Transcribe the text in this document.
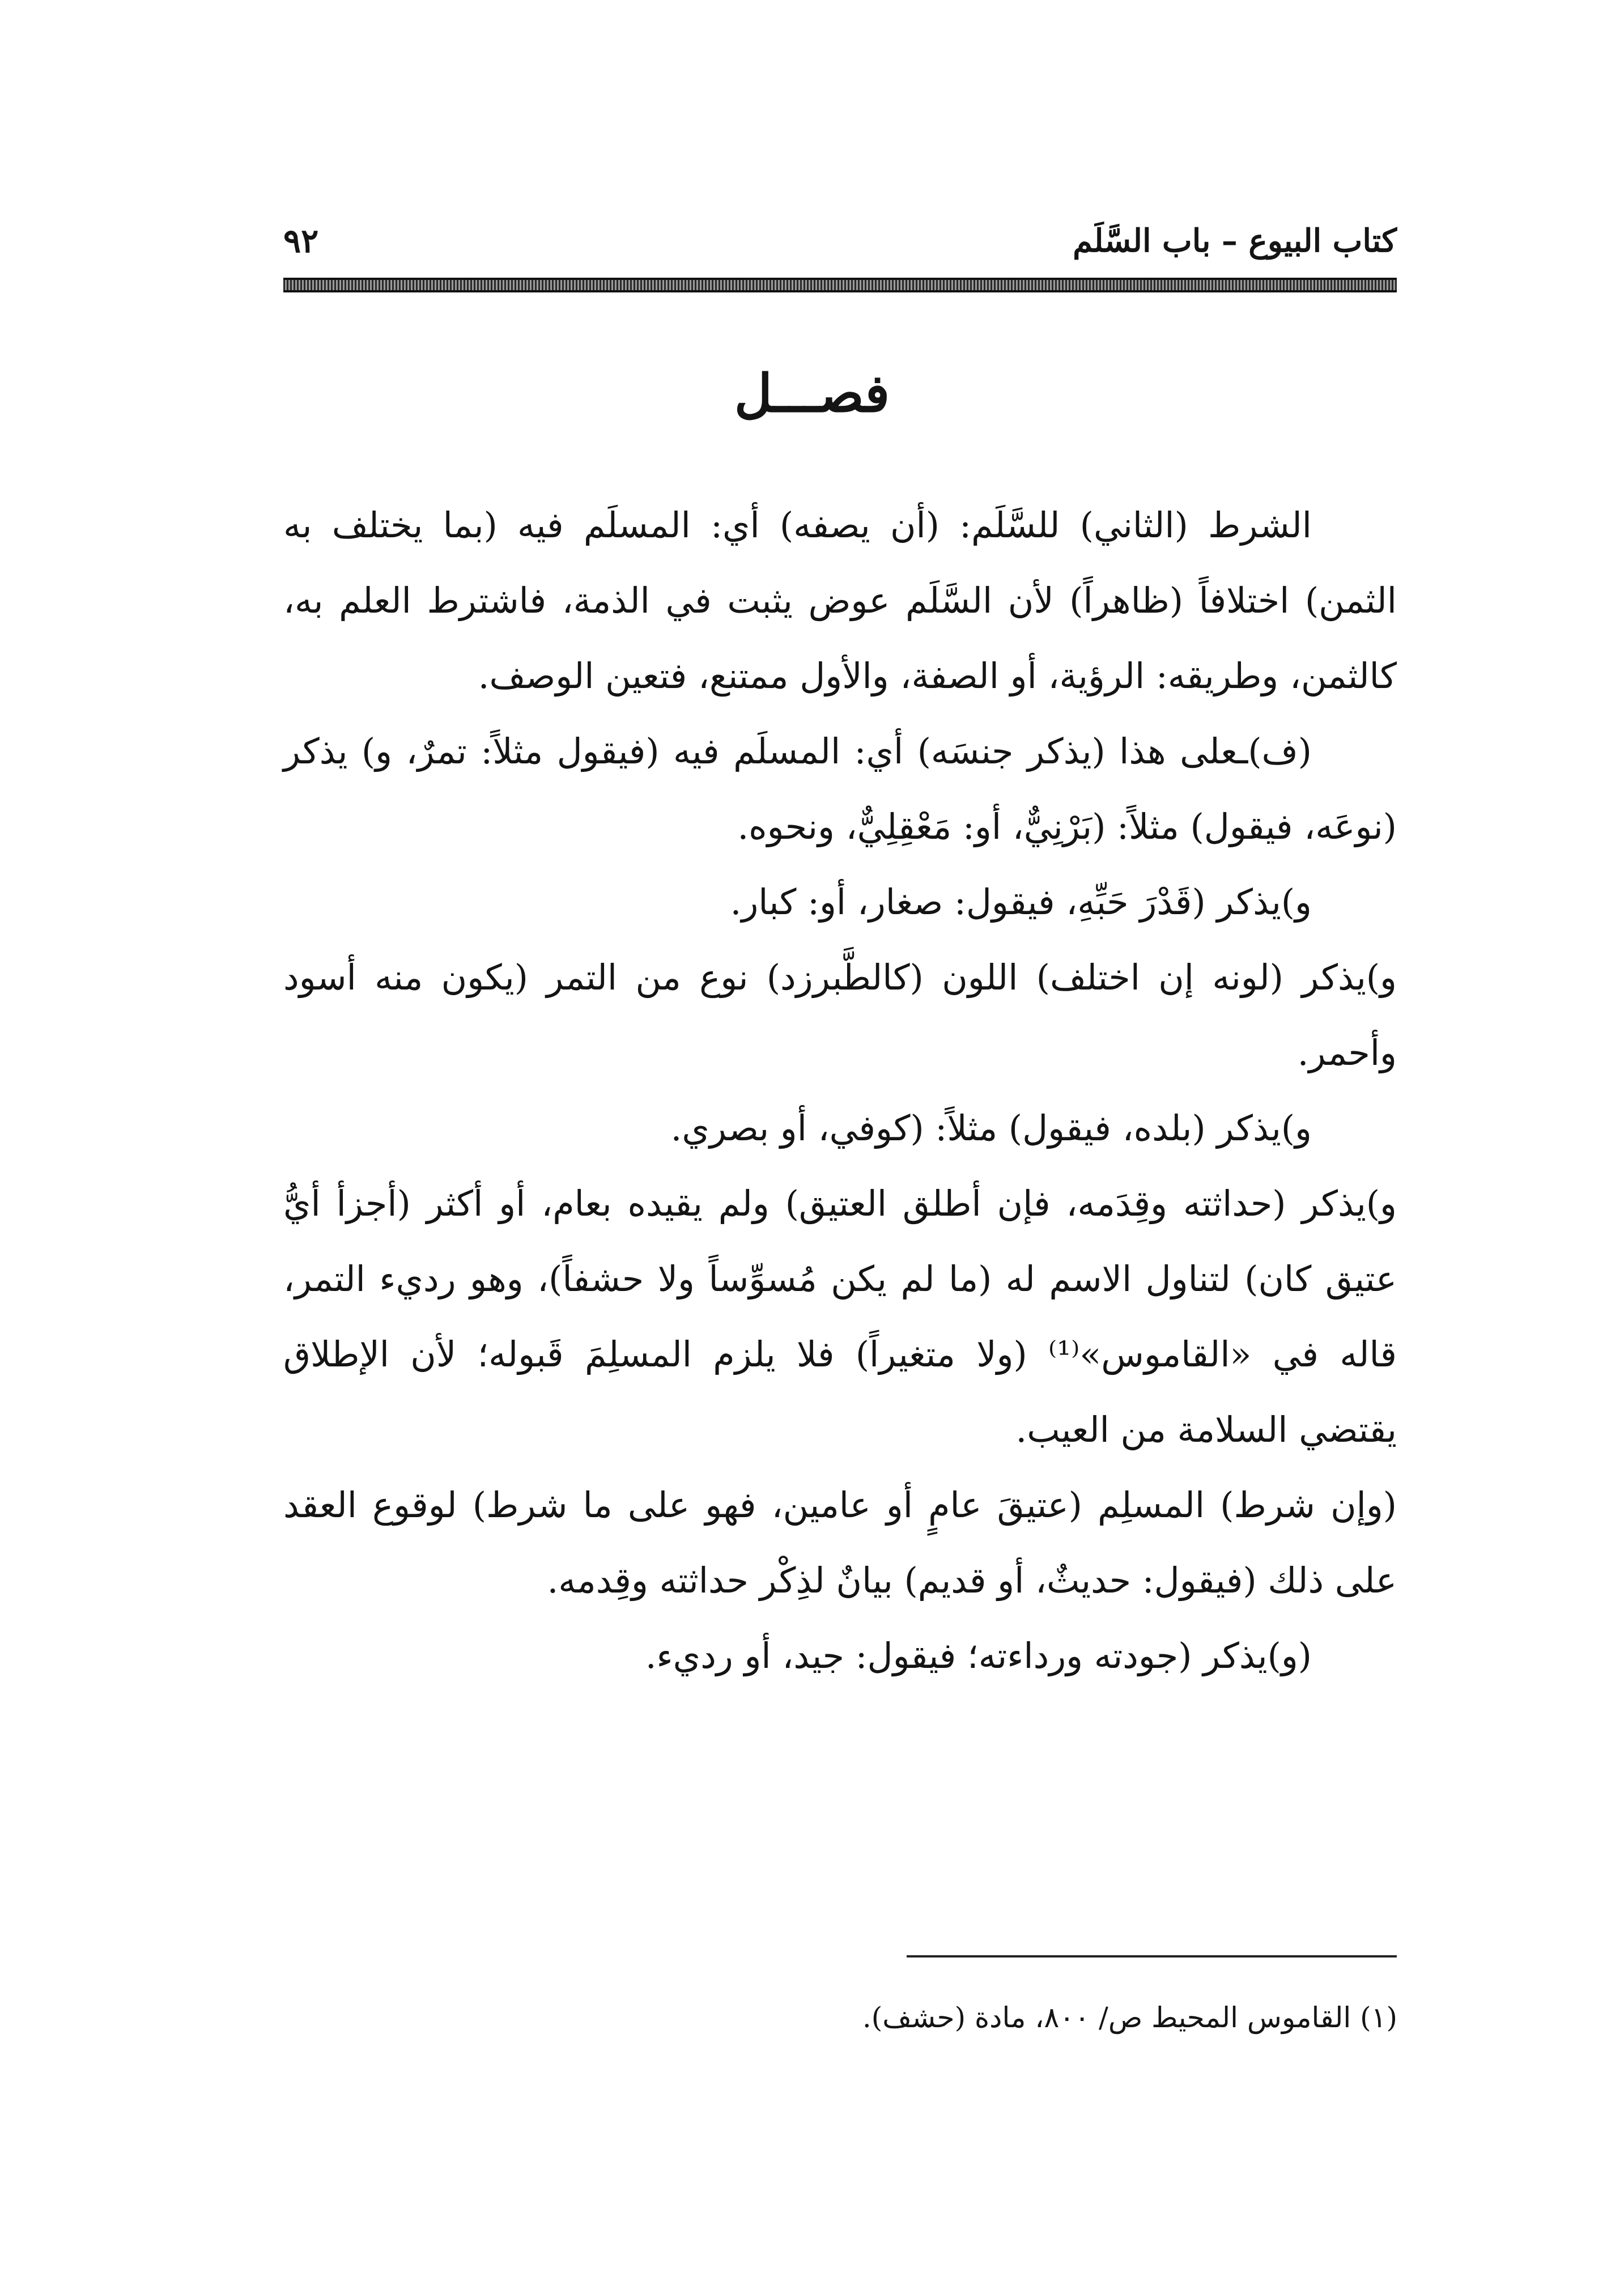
كتاب البيوع – باب السَّلَم
٩٢
فصـــل

الشرط (الثاني) للسَّلَم: (أن يصفه) أي: المسلَم فيه (بما يختلف به الثمن) اختلافاً (ظاهراً) لأن السَّلَم عوض يثبت في الذمة، فاشترط العلم به، كالثمن، وطريقه: الرؤية، أو الصفة، والأول ممتنع، فتعين الوصف.

(ف)ـعلى هذا (يذكر جنسَه) أي: المسلَم فيه (فيقول مثلاً: تمرٌ، و) يذكر (نوعَه، فيقول) مثلاً: (بَرْنِيٌّ، أو: مَعْقِلِيٌّ، ونحوه.

و)يذكر (قَدْرَ حَبِّهِ، فيقول: صغار، أو: كبار.

و)يذكر (لونه إن اختلف) اللون (كالطَّبرزد) نوع من التمر (يكون منه أسود وأحمر.

و)يذكر (بلده، فيقول) مثلاً: (كوفي، أو بصري.

و)يذكر (حداثته وقِدَمه، فإن أطلق العتيق) ولم يقيده بعام، أو أكثر (أجزأ أيُّ عتيق كان) لتناول الاسم له (ما لم يكن مُسوِّساً ولا حشفاً)، وهو رديء التمر، قاله في «القاموس»⁽¹⁾ (ولا متغيراً) فلا يلزم المسلِمَ قَبوله؛ لأن الإطلاق يقتضي السلامة من العيب.

(وإن شرط) المسلِم (عتيقَ عامٍ أو عامين، فهو على ما شرط) لوقوع العقد على ذلك (فيقول: حديثٌ، أو قديم) بيانٌ لذِكْر حداثته وقِدمه.

(و)يذكر (جودته ورداءته؛ فيقول: جيد، أو رديء.

(١) القاموس المحيط ص/ ٨٠٠، مادة (حشف).
